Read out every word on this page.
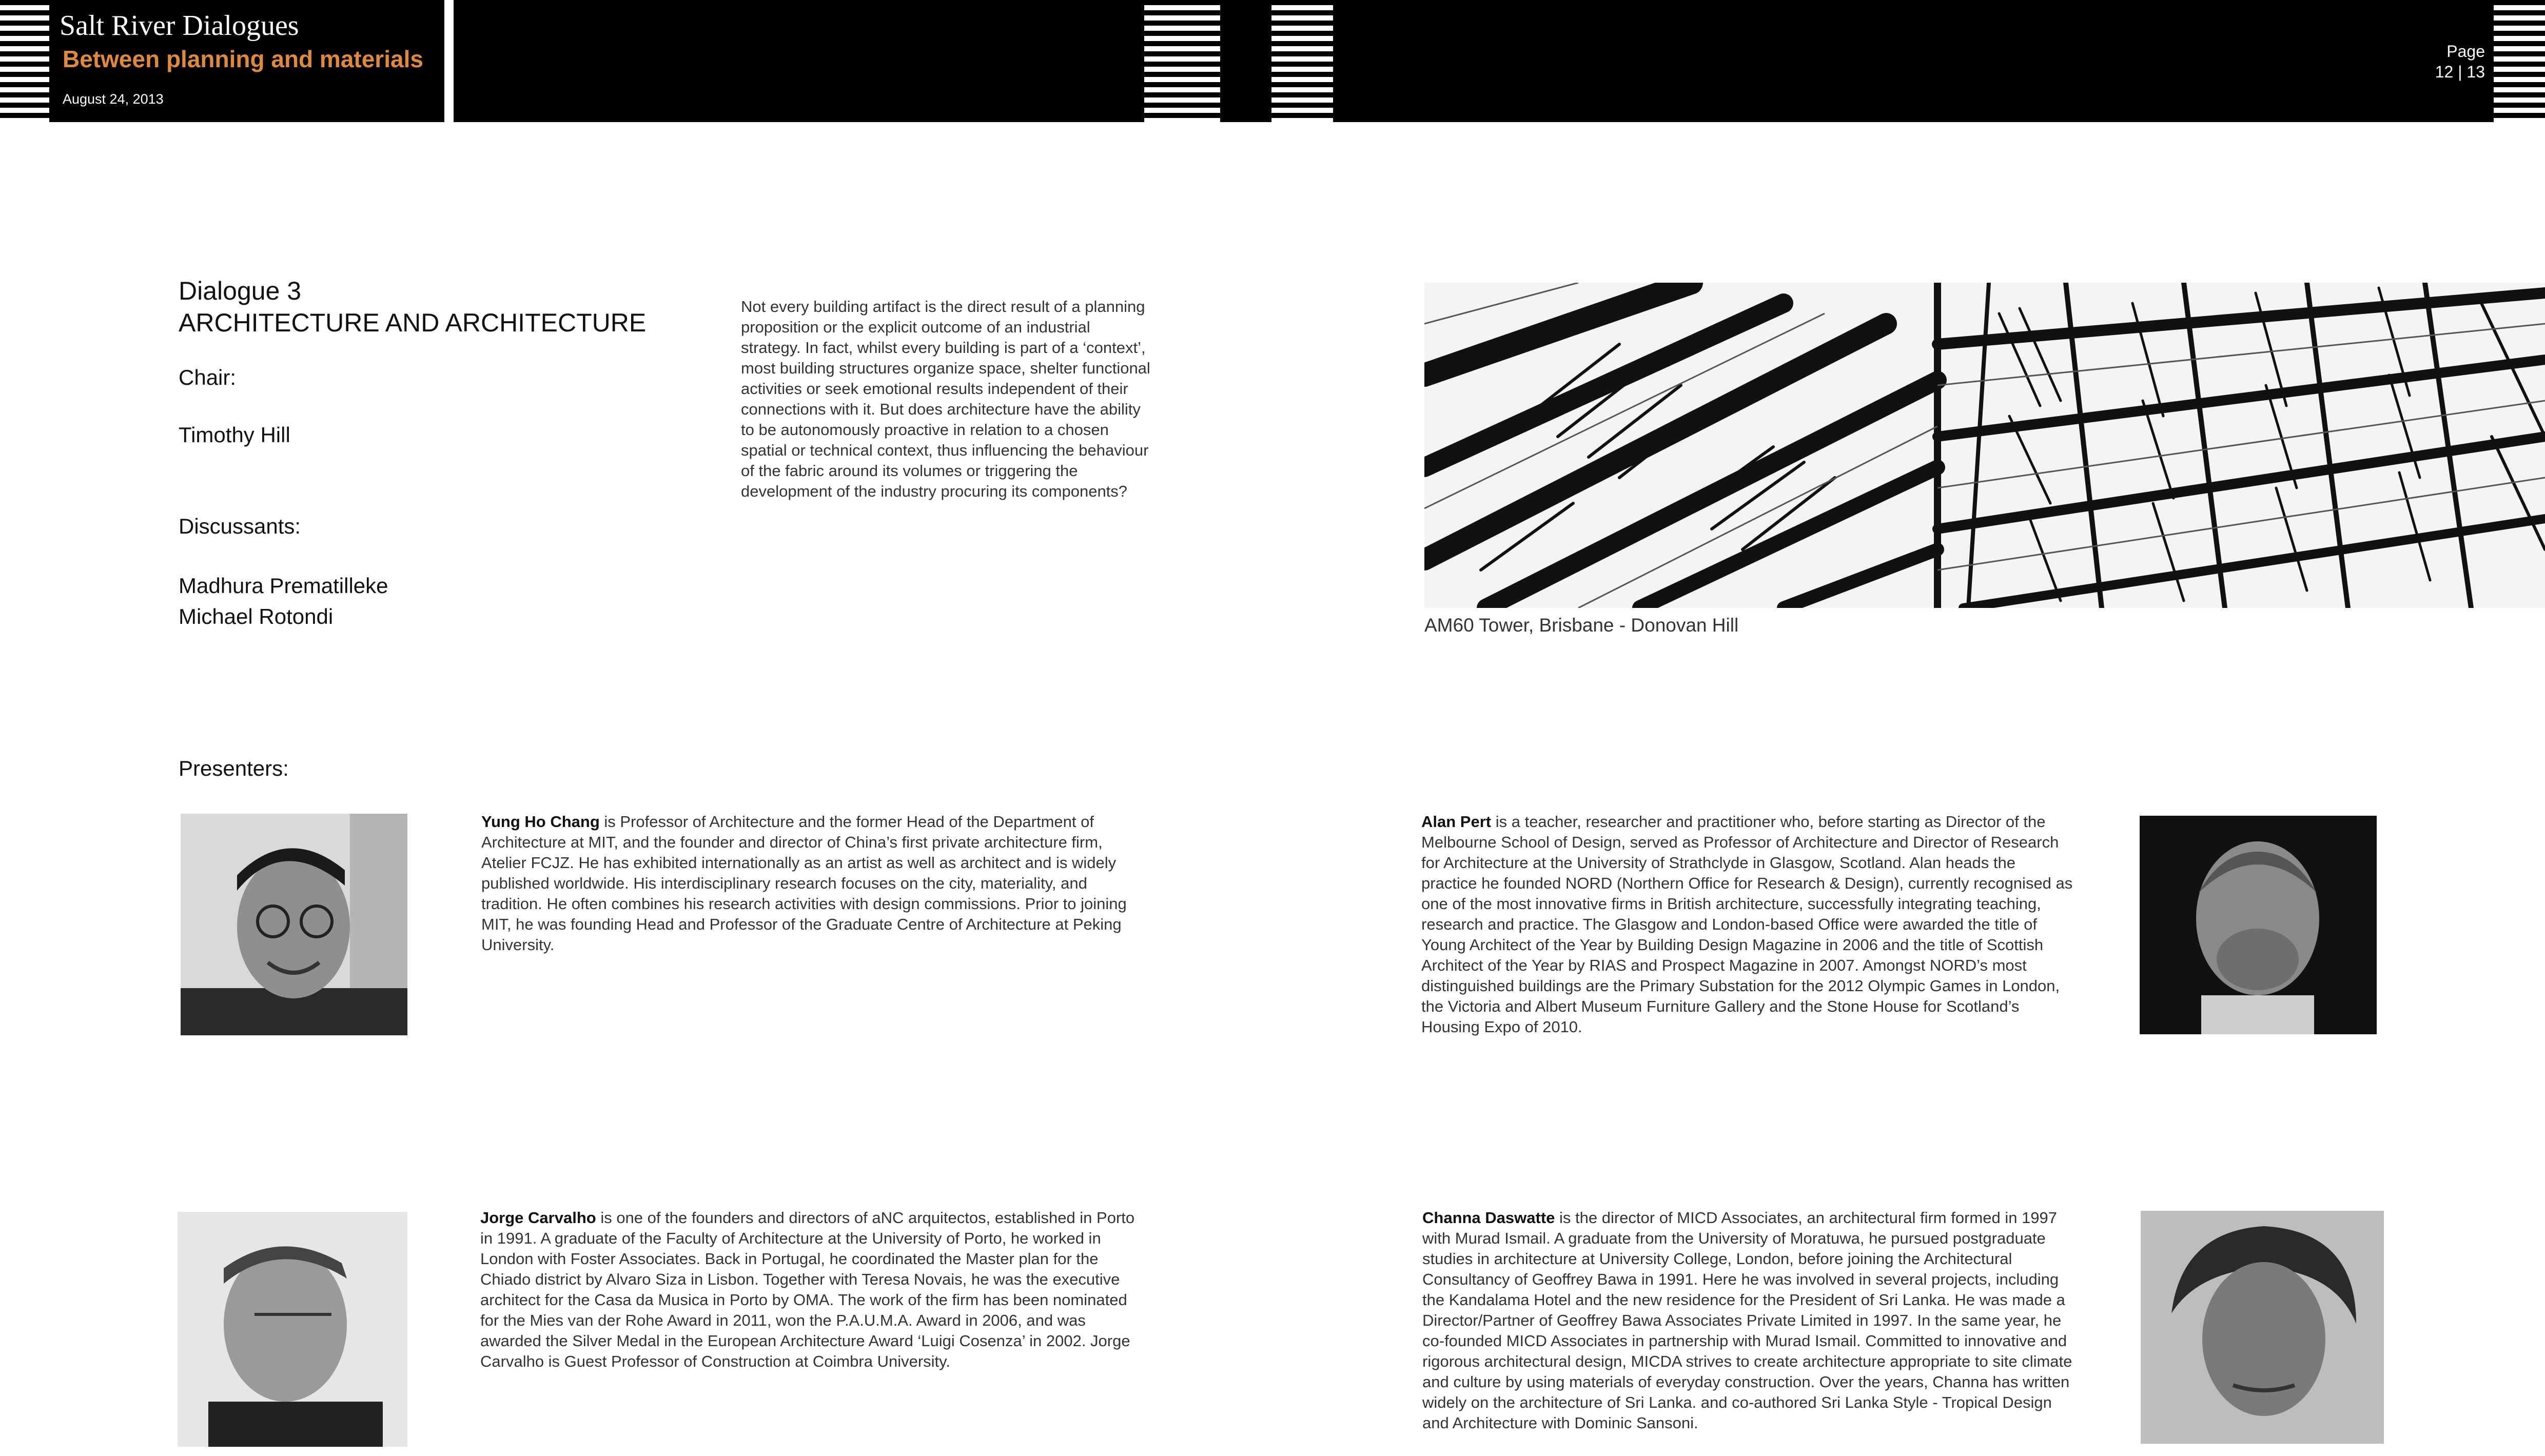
Salt River Dialogues
Between planning and materials
August 24, 2013
Page
12 | 13
Dialogue 3
ARCHITECTURE AND ARCHITECTURE
Chair:
Timothy Hill
Discussants:
Madhura Prematilleke
Michael Rotondi
Not every building artifact is the direct result of a planning proposition or the explicit outcome of an industrial strategy. In fact, whilst every building is part of a ‘context’, most building structures organize space, shelter functional activities or seek emotional results independent of their connections with it. But does architecture have the ability to be autonomously proactive in relation to a chosen spatial or technical context, thus influencing the behaviour of the fabric around its volumes or triggering the development of the industry procuring its components?
AM60 Tower, Brisbane - Donovan Hill
Presenters:
Yung Ho Chang is Professor of Architecture and the former Head of the Department of Architecture at MIT, and the founder and director of China’s first private architecture firm, Atelier FCJZ. He has exhibited internationally as an artist as well as architect and is widely published worldwide. His interdisciplinary research focuses on the city, materiality, and tradition. He often combines his research activities with design commissions. Prior to joining MIT, he was founding Head and Professor of the Graduate Centre of Architecture at Peking University.
Alan Pert is a teacher, researcher and practitioner who, before starting as Director of the Melbourne School of Design, served as Professor of Architecture and Director of Research for Architecture at the University of Strathclyde in Glasgow, Scotland. Alan heads the practice he founded NORD (Northern Office for Research & Design), currently recognised as one of the most innovative firms in British architecture, successfully integrating teaching, research and practice. The Glasgow and London-based Office were awarded the title of Young Architect of the Year by Building Design Magazine in 2006 and the title of Scottish Architect of the Year by RIAS and Prospect Magazine in 2007. Amongst NORD’s most distinguished buildings are the Primary Substation for the 2012 Olympic Games in London, the Victoria and Albert Museum Furniture Gallery and the Stone House for Scotland’s Housing Expo of 2010.
Jorge Carvalho is one of the founders and directors of aNC arquitectos, established in Porto in 1991. A graduate of the Faculty of Architecture at the University of Porto, he worked in London with Foster Associates. Back in Portugal, he coordinated the Master plan for the Chiado district by Alvaro Siza in Lisbon. Together with Teresa Novais, he was the executive architect for the Casa da Musica in Porto by OMA. The work of the firm has been nominated for the Mies van der Rohe Award in 2011, won the P.A.U.M.A. Award in 2006, and was awarded the Silver Medal in the European Architecture Award ‘Luigi Cosenza’ in 2002. Jorge Carvalho is Guest Professor of Construction at Coimbra University.
Channa Daswatte is the director of MICD Associates, an architectural firm formed in 1997 with Murad Ismail. A graduate from the University of Moratuwa, he pursued postgraduate studies in architecture at University College, London, before joining the Architectural Consultancy of Geoffrey Bawa in 1991. Here he was involved in several projects, including the Kandalama Hotel and the new residence for the President of Sri Lanka. He was made a Director/Partner of Geoffrey Bawa Associates Private Limited in 1997. In the same year, he co-founded MICD Associates in partnership with Murad Ismail. Committed to innovative and rigorous architectural design, MICDA strives to create architecture appropriate to site climate and culture by using materials of everyday construction. Over the years, Channa has written widely on the architecture of Sri Lanka. and co-authored Sri Lanka Style - Tropical Design and Architecture with Dominic Sansoni.
